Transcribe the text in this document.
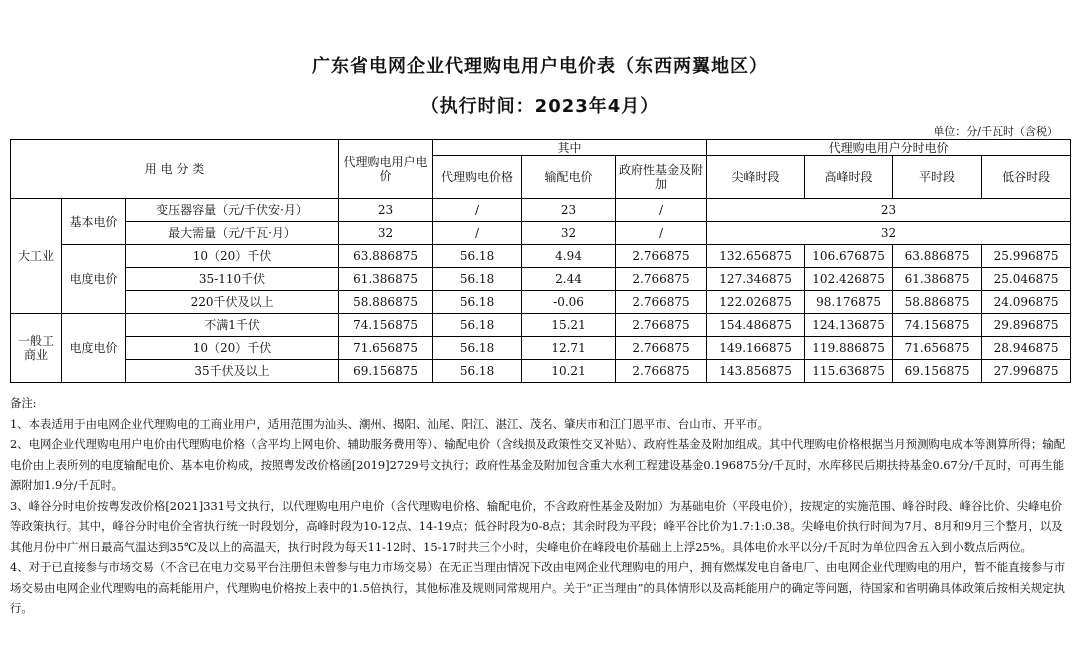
广东省电网企业代理购电用户电价表（东西两翼地区）
（执行时间：2023年4月）
单位：分/千瓦时（含税）
用 电 分 类			代理购电用户电价	其中			代理购电用户分时电价			
				代理购电价格	输配电价	政府性基金及附加	尖峰时段	高峰时段	平时段	低谷时段
大工业	基本电价	变压器容量（元/千伏安·月）	23	/	23	/	23			
		最大需量（元/千瓦·月）	32	/	32	/	32			
	电度电价	10（20）千伏	63.886875	56.18	4.94	2.766875	132.656875	106.676875	63.886875	25.996875
		35-110千伏	61.386875	56.18	2.44	2.766875	127.346875	102.426875	61.386875	25.046875
		220千伏及以上	58.886875	56.18	-0.06	2.766875	122.026875	98.176875	58.886875	24.096875
一般工商业	电度电价	不满1千伏	74.156875	56.18	15.21	2.766875	154.486875	124.136875	74.156875	29.896875
		10（20）千伏	71.656875	56.18	12.71	2.766875	149.166875	119.886875	71.656875	28.946875
		35千伏及以上	69.156875	56.18	10.21	2.766875	143.856875	115.636875	69.156875	27.996875

备注:

1、本表适用于由电网企业代理购电的工商业用户，适用范围为汕头、潮州、揭阳、汕尾、阳江、湛江、茂名、肇庆市和江门恩平市、台山市、开平市。

2、电网企业代理购电用户电价由代理购电价格（含平均上网电价、辅助服务费用等）、输配电价（含线损及政策性交叉补贴）、政府性基金及附加组成。其中代理购电价格根据当月预测购电成本等测算所得；输配电价由上表所列的电度输配电价、基本电价构成，按照粤发改价格函[2019]2729号文执行；政府性基金及附加包含重大水利工程建设基金0.196875分/千瓦时，水库移民后期扶持基金0.67分/千瓦时，可再生能源附加1.9分/千瓦时。

3、峰谷分时电价按粤发改价格[2021]331号文执行，以代理购电用户电价（含代理购电价格、输配电价，不含政府性基金及附加）为基础电价（平段电价），按规定的实施范围、峰谷时段、峰谷比价、尖峰电价等政策执行。其中，峰谷分时电价全省执行统一时段划分，高峰时段为10-12点、14-19点；低谷时段为0-8点；其余时段为平段；峰平谷比价为1.7:1:0.38。尖峰电价执行时间为7月、8月和9月三个整月，以及其他月份中广州日最高气温达到35℃及以上的高温天，执行时段为每天11-12时、15-17时共三个小时，尖峰电价在峰段电价基础上上浮25%。具体电价水平以分/千瓦时为单位四舍五入到小数点后两位。

4、对于已直接参与市场交易（不含已在电力交易平台注册但未曾参与电力市场交易）在无正当理由情况下改由电网企业代理购电的用户，拥有燃煤发电自备电厂、由电网企业代理购电的用户，暂不能直接参与市场交易由电网企业代理购电的高耗能用户，代理购电价格按上表中的1.5倍执行，其他标准及规则同常规用户。关于“正当理由”的具体情形以及高耗能用户的确定等问题，待国家和省明确具体政策后按相关规定执行。
